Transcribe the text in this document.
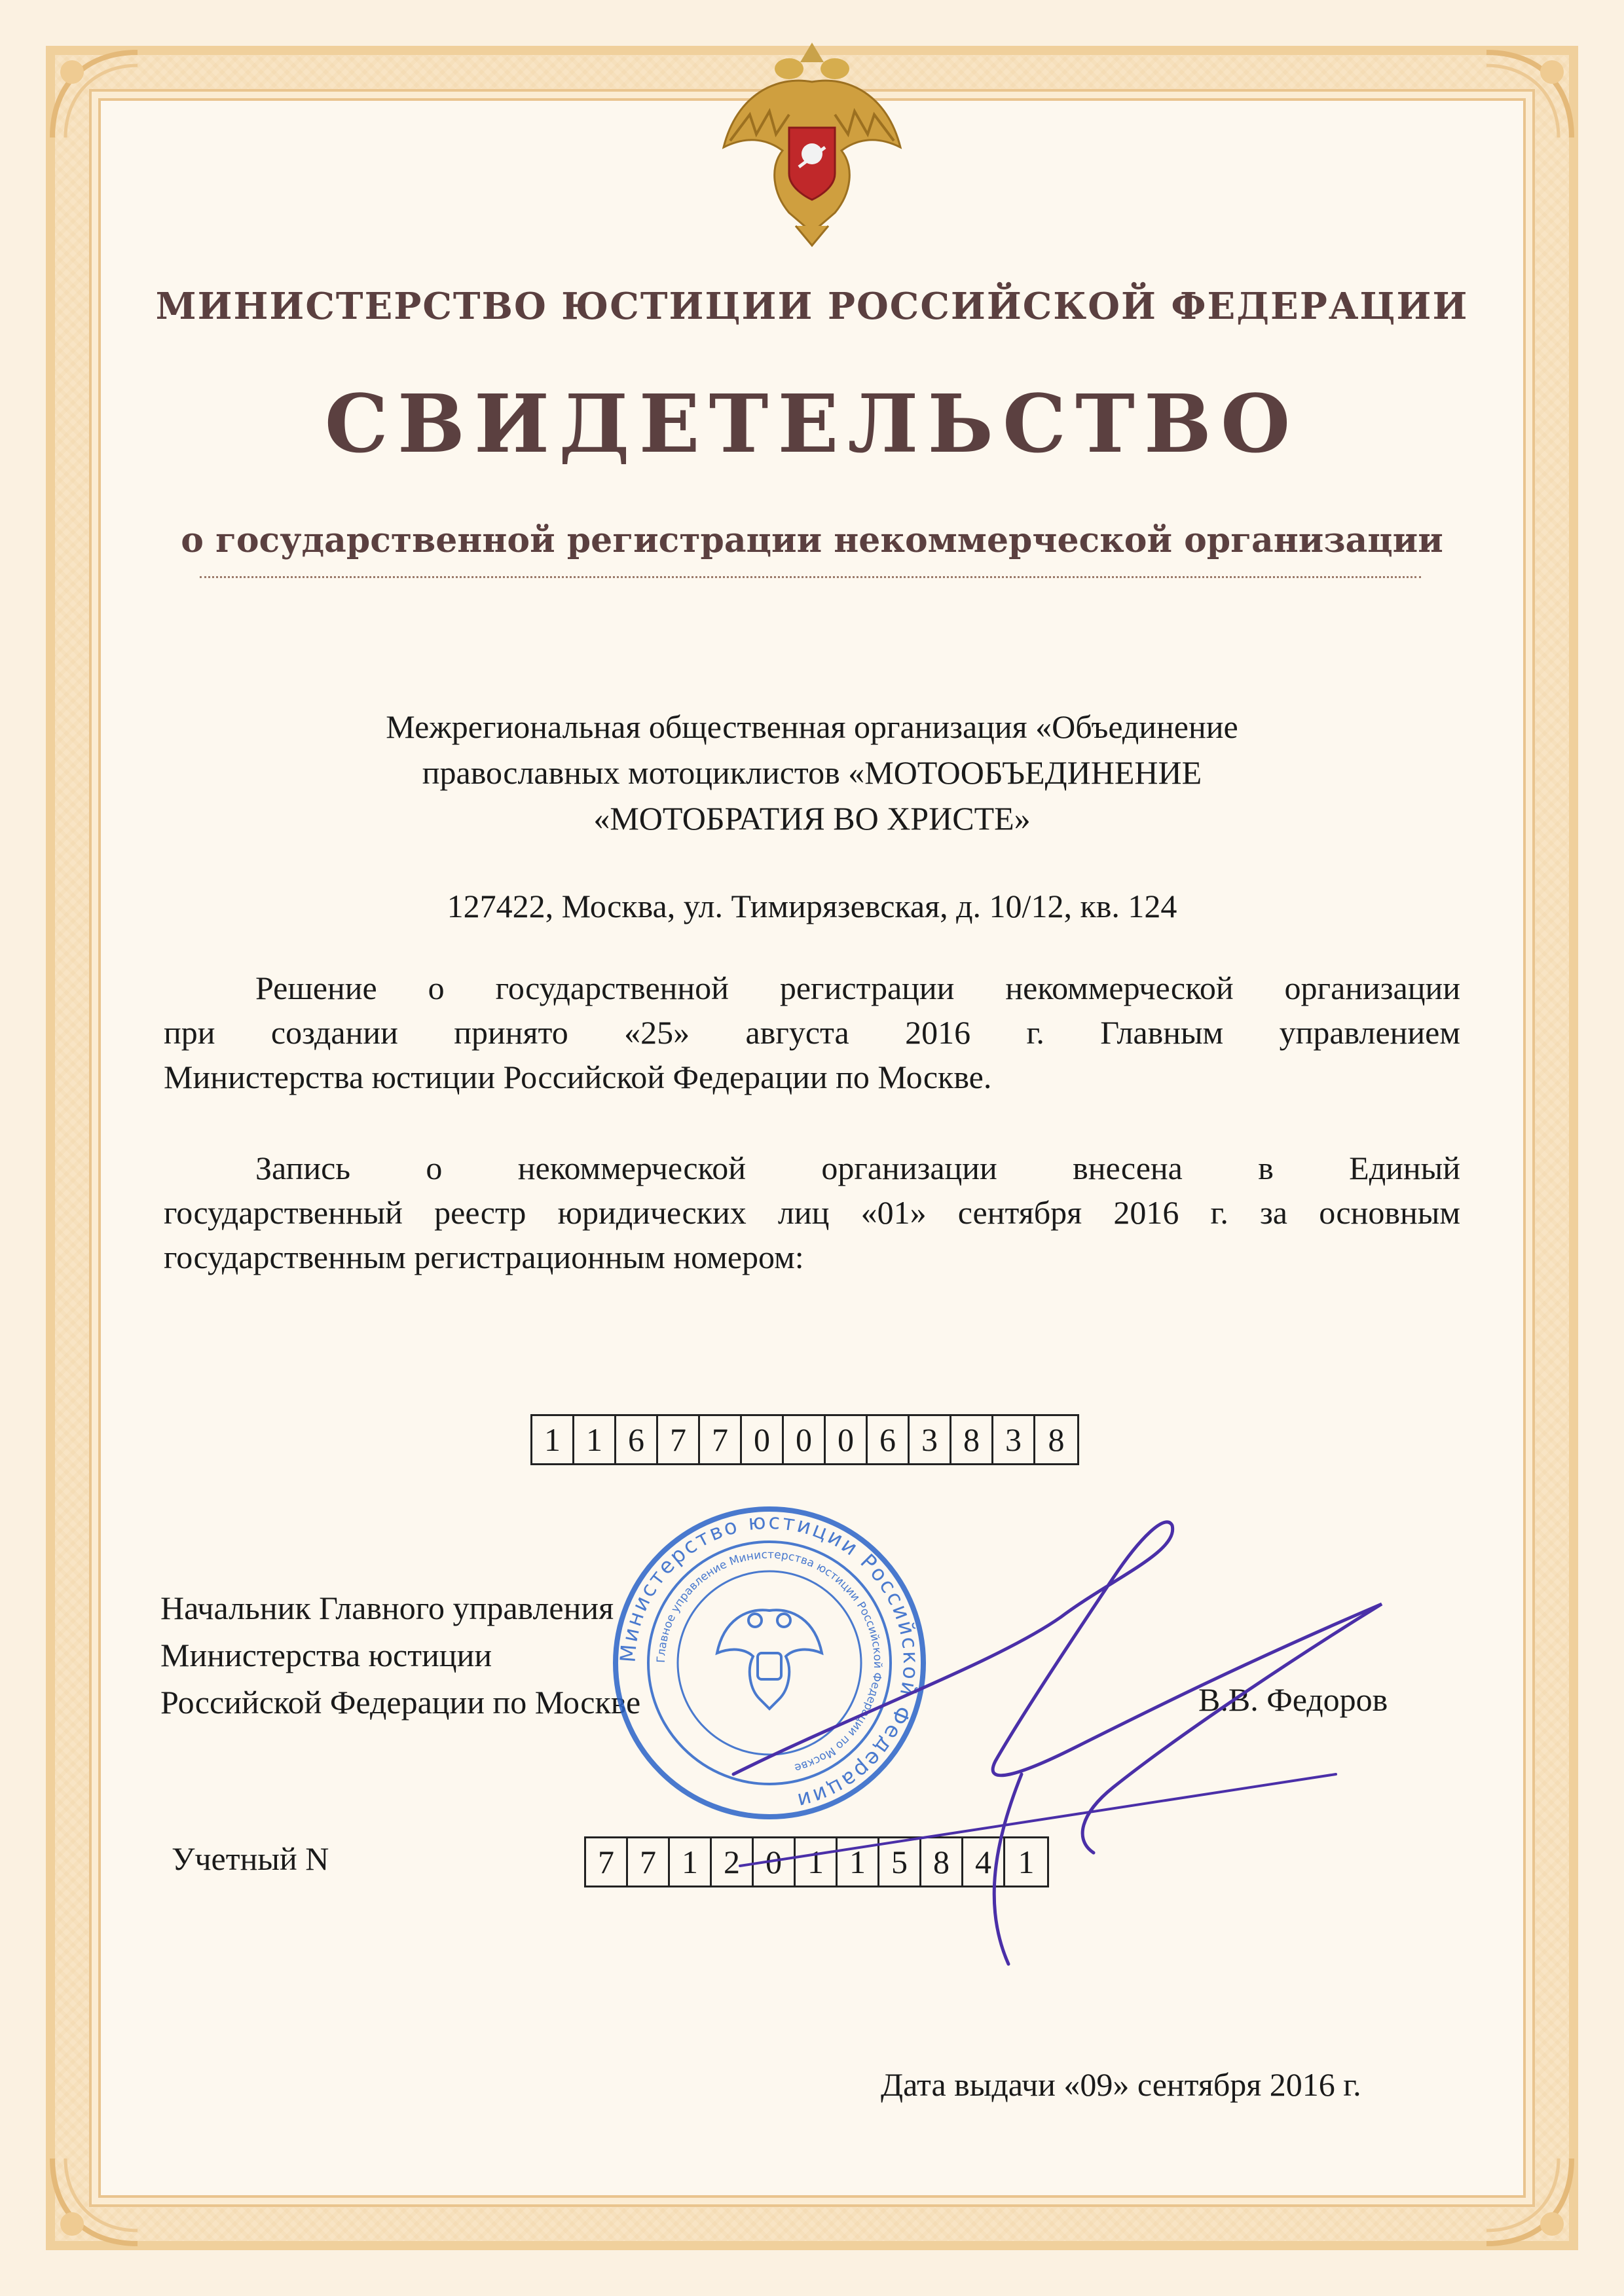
МИНИСТЕРСТВО ЮСТИЦИИ РОССИЙСКОЙ ФЕДЕРАЦИИ
СВИДЕТЕЛЬСТВО
о государственной регистрации некоммерческой организации
Межрегиональная общественная организация «Объединение
православных мотоциклистов «МОТООБЪЕДИНЕНИЕ
«МОТОБРАТИЯ ВО ХРИСТЕ»
127422, Москва, ул. Тимирязевская, д. 10/12, кв. 124
Решение о государственной регистрации некоммерческой организации
при создании принято «25» августа 2016 г. Главным управлением
Министерства юстиции Российской Федерации по Москве.
Запись о некоммерческой организации внесена в Единый
государственный реестр юридических лиц «01» сентября 2016 г. за основным
государственным регистрационным номером:
1 1 6 7 7 0 0 0 6 3 8 3 8
Начальник Главного управления
Министерства юстиции
Российской Федерации по Москве	В.В. Федоров
Учетный N	7 7 1 2 0 1 1 5 8 4 1
Дата выдачи «09» сентября 2016 г.
Министерство юстиции Российской Федерации
Главное управление Министерства юстиции Российской Федерации по Москве
